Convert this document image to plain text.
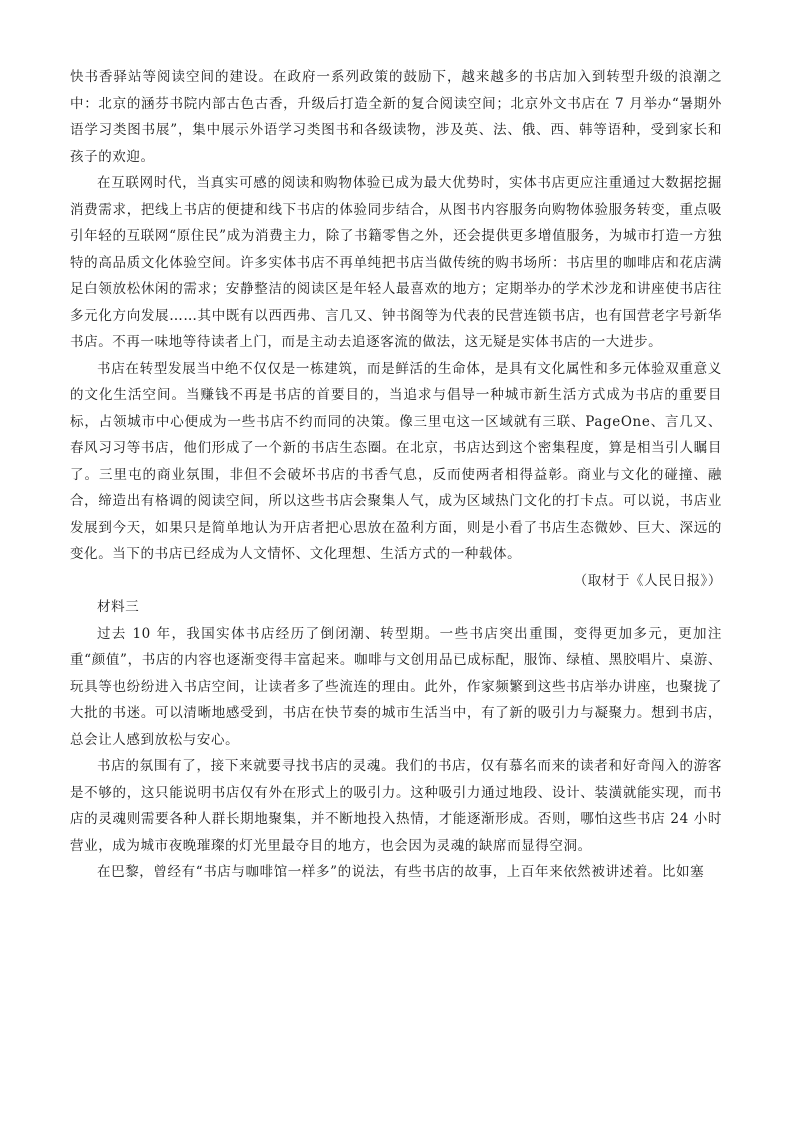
快书香驿站等阅读空间的建设。在政府一系列政策的鼓励下，越来越多的书店加入到转型升级的浪潮之中：北京的涵芬书院内部古色古香，升级后打造全新的复合阅读空间；北京外文书店在 7 月举办“暑期外语学习类图书展”，集中展示外语学习类图书和各级读物，涉及英、法、俄、西、韩等语种，受到家长和孩子的欢迎。

在互联网时代，当真实可感的阅读和购物体验已成为最大优势时，实体书店更应注重通过大数据挖掘消费需求，把线上书店的便捷和线下书店的体验同步结合，从图书内容服务向购物体验服务转变，重点吸引年轻的互联网“原住民”成为消费主力，除了书籍零售之外，还会提供更多增值服务，为城市打造一方独特的高品质文化体验空间。许多实体书店不再单纯把书店当做传统的购书场所：书店里的咖啡店和花店满足白领放松休闲的需求；安静整洁的阅读区是年轻人最喜欢的地方；定期举办的学术沙龙和讲座使书店往多元化方向发展……其中既有以西西弗、言几又、钟书阁等为代表的民营连锁书店，也有国营老字号新华书店。不再一味地等待读者上门，而是主动去追逐客流的做法，这无疑是实体书店的一大进步。

书店在转型发展当中绝不仅仅是一栋建筑，而是鲜活的生命体，是具有文化属性和多元体验双重意义的文化生活空间。当赚钱不再是书店的首要目的，当追求与倡导一种城市新生活方式成为书店的重要目标，占领城市中心便成为一些书店不约而同的决策。像三里屯这一区域就有三联、PageOne、言几又、春风习习等书店，他们形成了一个新的书店生态圈。在北京，书店达到这个密集程度，算是相当引人瞩目了。三里屯的商业氛围，非但不会破坏书店的书香气息，反而使两者相得益彰。商业与文化的碰撞、融合，缔造出有格调的阅读空间，所以这些书店会聚集人气，成为区域热门文化的打卡点。可以说，书店业发展到今天，如果只是简单地认为开店者把心思放在盈利方面，则是小看了书店生态微妙、巨大、深远的变化。当下的书店已经成为人文情怀、文化理想、生活方式的一种载体。

（取材于《人民日报》）

材料三

过去 10 年，我国实体书店经历了倒闭潮、转型期。一些书店突出重围，变得更加多元，更加注重“颜值”，书店的内容也逐渐变得丰富起来。咖啡与文创用品已成标配，服饰、绿植、黑胶唱片、桌游、玩具等也纷纷进入书店空间，让读者多了些流连的理由。此外，作家频繁到这些书店举办讲座，也聚拢了大批的书迷。可以清晰地感受到，书店在快节奏的城市生活当中，有了新的吸引力与凝聚力。想到书店，总会让人感到放松与安心。

书店的氛围有了，接下来就要寻找书店的灵魂。我们的书店，仅有慕名而来的读者和好奇闯入的游客是不够的，这只能说明书店仅有外在形式上的吸引力。这种吸引力通过地段、设计、装潢就能实现，而书店的灵魂则需要各种人群长期地聚集，并不断地投入热情，才能逐渐形成。否则，哪怕这些书店 24 小时营业，成为城市夜晚璀璨的灯光里最夺目的地方，也会因为灵魂的缺席而显得空洞。

在巴黎，曾经有“书店与咖啡馆一样多”的说法，有些书店的故事，上百年来依然被讲述着。比如塞
